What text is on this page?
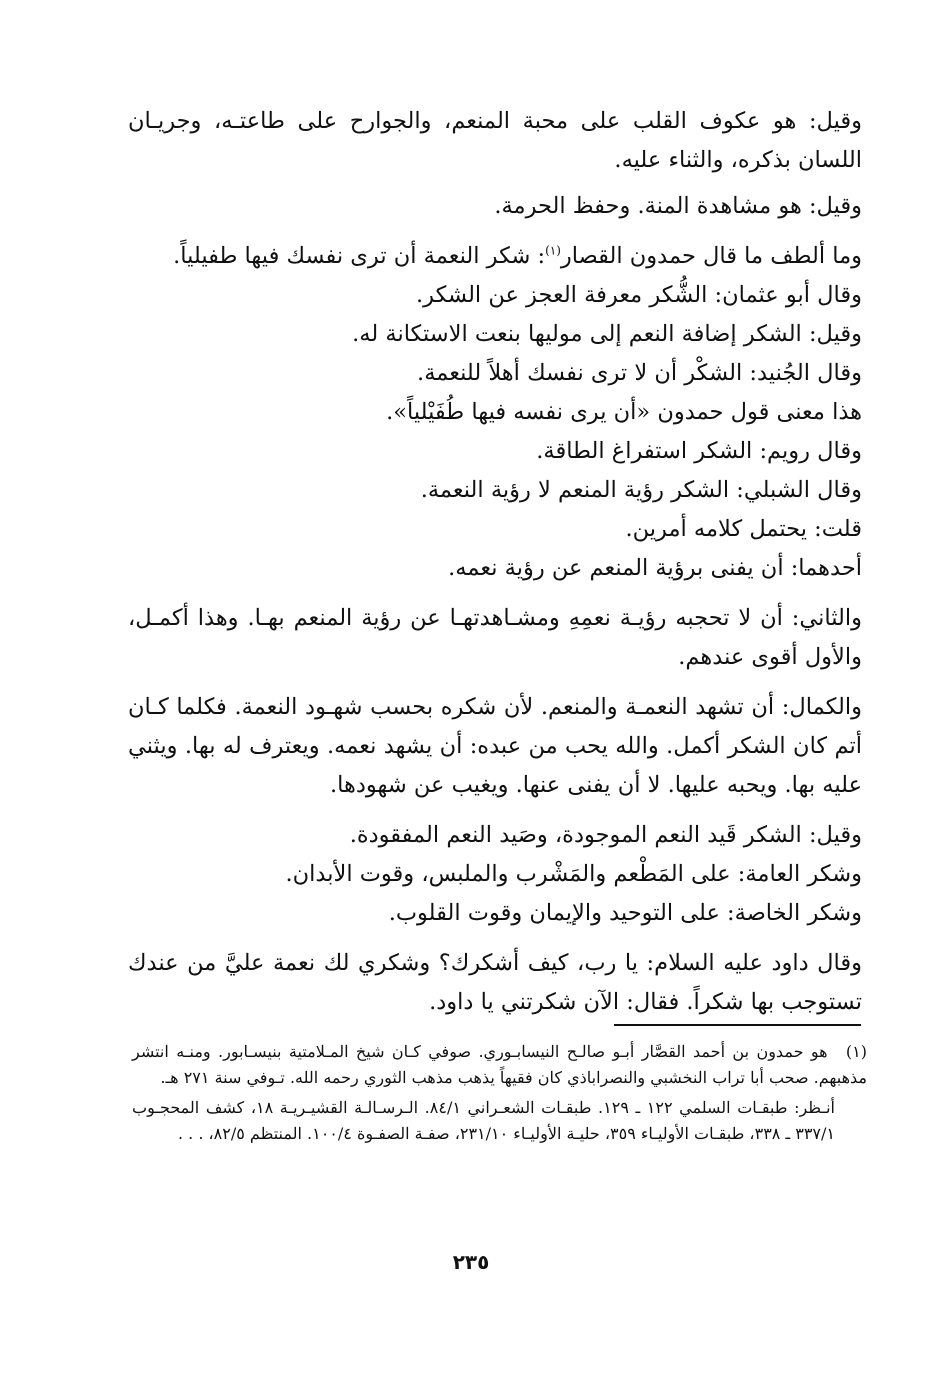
وقيل: هو عكوف القلب على محبة المنعم، والجوارح على طاعتـه، وجريـان اللسان بذكره، والثناء عليه.

وقيل: هو مشاهدة المنة. وحفظ الحرمة.

وما ألطف ما قال حمدون القصار$^{(١)}$: شكر النعمة أن ترى نفسك فيها طفيلياً.

وقال أبو عثمان: الشُّكر معرفة العجز عن الشكر.

وقيل: الشكر إضافة النعم إلى موليها بنعت الاستكانة له.

وقال الجُنيد: الشكْر أن لا ترى نفسك أهلاً للنعمة.

هذا معنى قول حمدون «أن يرى نفسه فيها طُفَيْلياً».

وقال رويم: الشكر استفراغ الطاقة.

وقال الشبلي: الشكر رؤية المنعم لا رؤية النعمة.

قلت: يحتمل كلامه أمرين.

أحدهما: أن يفنى برؤية المنعم عن رؤية نعمه.

والثاني: أن لا تحجبه رؤيـة نعمِهِ ومشـاهدتهـا عن رؤية المنعم بهـا. وهذا أكمـل، والأول أقوى عندهم.

والكمال: أن تشهد النعمـة والمنعم. لأن شكره بحسب شهـود النعمة. فكلما كـان أتم كان الشكر أكمل. والله يحب من عبده: أن يشهد نعمه. ويعترف له بها. ويثني عليه بها. ويحبه عليها. لا أن يفنى عنها. ويغيب عن شهودها.

وقيل: الشكر قَيد النعم الموجودة، وصَيد النعم المفقودة.

وشكر العامة: على المَطْعم والمَشْرب والملبس، وقوت الأبدان.

وشكر الخاصة: على التوحيد والإيمان وقوت القلوب.

وقال داود عليه السلام: يا رب، كيف أشكرك؟ وشكري لك نعمة عليَّ من عندك تستوجب بها شكراً. فقال: الآن شكرتني يا داود.

(١) هو حمدون بن أحمد القصَّار أبـو صالـح النيسابـوري. صوفي كـان شيخ المـلامتية بنيسـابور. ومنـه انتشر مذهبهم. صحب أبا تراب النخشبي والنصراباذي كان فقيهاً يذهب مذهب الثوري رحمه الله. تـوفي سنة ٢٧١ هـ.

أنـظر: طبقـات السلمي ١٢٢ ـ ١٢٩. طبقـات الشعـراني ٨٤/١. الـرسـالـة القشيـريـة ١٨، كشف المحجـوب ٣٣٧/١ ـ ٣٣٨، طبقـات الأوليـاء ٣٥٩، حليـة الأوليـاء ٢٣١/١٠، صفـة الصفـوة ١٠٠/٤. المنتظم ٨٢/٥، . . .

٢٣٥
